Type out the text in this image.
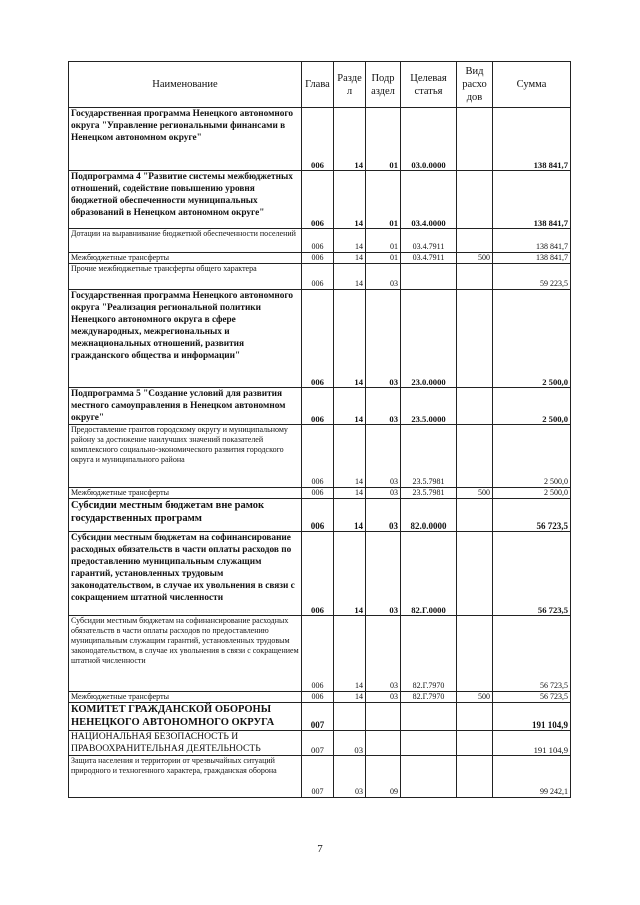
Наименование	Глава	Разде л	Подр аздел	Целевая статья	Вид расхо дов	Сумма
Государственная программа Ненецкого автономного округа "Управление региональными финансами в Ненецком автономном округе"	006	14	01	03.0.0000		138 841,7
Подпрограмма 4 "Развитие системы межбюджетных отношений, содействие повышению уровня бюджетной обеспеченности муниципальных образований в Ненецком автономном округе"	006	14	01	03.4.0000		138 841,7
Дотации на выравнивание бюджетной обеспеченности поселений	006	14	01	03.4.7911		138 841,7
Межбюджетные трансферты	006	14	01	03.4.7911	500	138 841,7
Прочие межбюджетные трансферты общего характера	006	14	03			59 223,5
Государственная программа Ненецкого автономного округа "Реализация региональной политики Ненецкого автономного округа в сфере международных, межрегиональных и межнациональных отношений, развития гражданского общества и информации"	006	14	03	23.0.0000		2 500,0
Подпрограмма 5 "Создание условий для развития местного самоуправления в Ненецком автономном округе"	006	14	03	23.5.0000		2 500,0
Предоставление грантов городскому округу и муниципальному району за достижение наилучших значений показателей комплексного социально-экономического развития городского округа и муниципального района	006	14	03	23.5.7981		2 500,0
Межбюджетные трансферты	006	14	03	23.5.7981	500	2 500,0
Субсидии местным бюджетам вне рамок государственных программ	006	14	03	82.0.0000		56 723,5
Субсидии местным бюджетам на софинансирование расходных обязательств в части оплаты расходов по предоставлению муниципальным служащим гарантий, установленных трудовым законодательством, в случае их увольнения в связи с сокращением штатной численности	006	14	03	82.Г.0000		56 723,5
Субсидии местным бюджетам на софинансирование расходных обязательств в части оплаты расходов по предоставлению муниципальным служащим гарантий, установленных трудовым законодательством, в случае их увольнения в связи с сокращением штатной численности	006	14	03	82.Г.7970		56 723,5
Межбюджетные трансферты	006	14	03	82.Г.7970	500	56 723,5
КОМИТЕТ ГРАЖДАНСКОЙ ОБОРОНЫ НЕНЕЦКОГО АВТОНОМНОГО ОКРУГА	007					191 104,9
НАЦИОНАЛЬНАЯ БЕЗОПАСНОСТЬ И ПРАВООХРАНИТЕЛЬНАЯ ДЕЯТЕЛЬНОСТЬ	007	03				191 104,9
Защита населения и территории от чрезвычайных ситуаций природного и техногенного характера, гражданская оборона	007	03	09			99 242,1
7
